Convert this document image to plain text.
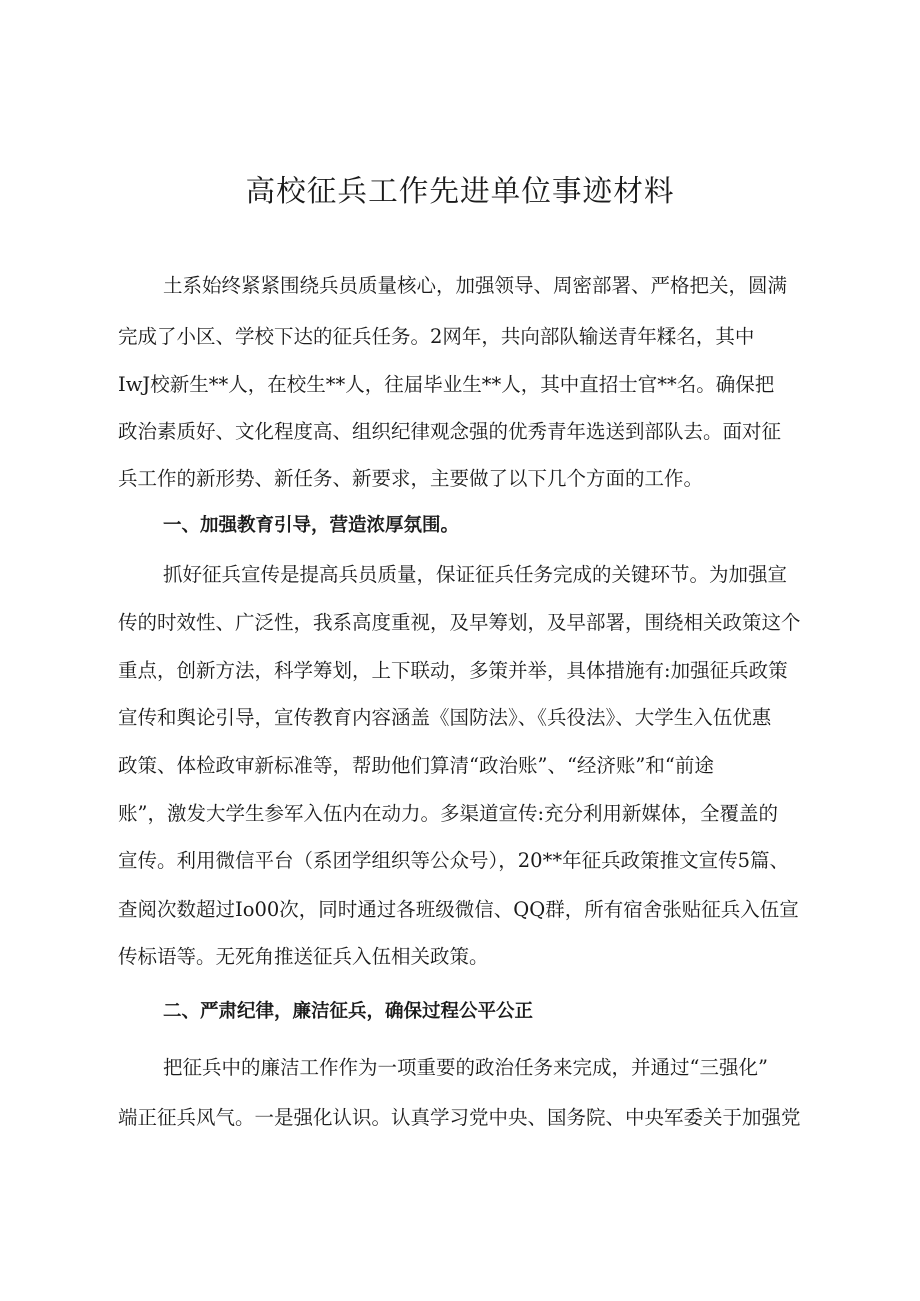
高校征兵工作先进单位事迹材料

土系始终紧紧围绕兵员质量核心，加强领导、周密部署、严格把关，圆满

完成了小区、学校下达的征兵任务。2网年，共向部队输送青年糅名，其中

IwJ校新生**人，在校生**人，往届毕业生**人，其中直招士官**名。确保把

政治素质好、文化程度高、组织纪律观念强的优秀青年选送到部队去。面对征

兵工作的新形势、新任务、新要求，主要做了以下几个方面的工作。

一、加强教育引导，营造浓厚氛围。

抓好征兵宣传是提高兵员质量，保证征兵任务完成的关键环节。为加强宣

传的时效性、广泛性，我系高度重视，及早筹划，及早部署，围绕相关政策这个

重点，创新方法，科学筹划，上下联动，多策并举，具体措施有:加强征兵政策

宣传和舆论引导，宣传教育内容涵盖《国防法》、《兵役法》、大学生入伍优惠

政策、体检政审新标准等，帮助他们算清“政治账”、“经济账”和“前途

账”，激发大学生参军入伍内在动力。多渠道宣传:充分利用新媒体，全覆盖的

宣传。利用微信平台（系团学组织等公众号），20**年征兵政策推文宣传5篇、

查阅次数超过Io00次，同时通过各班级微信、QQ群，所有宿舍张贴征兵入伍宣

传标语等。无死角推送征兵入伍相关政策。

二、严肃纪律，廉洁征兵，确保过程公平公正

把征兵中的廉洁工作作为一项重要的政治任务来完成，并通过“三强化”

端正征兵风气。一是强化认识。认真学习党中央、国务院、中央军委关于加强党
